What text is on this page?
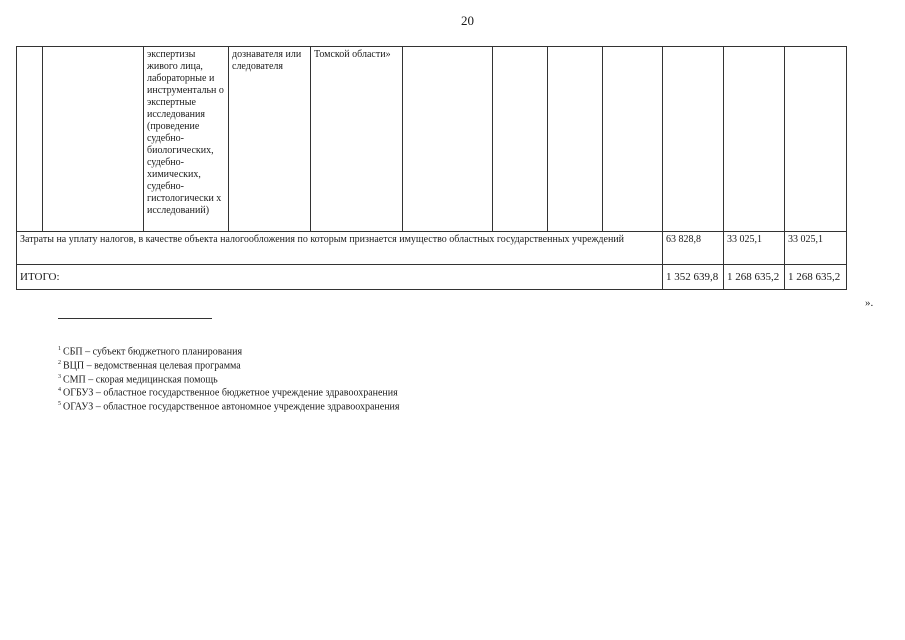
20
		экспертизы живого лица, лабораторные и инструментальн о экспертные исследования (проведение судебно-биологических, судебно-химических, судебно-гистологически х исследований)	дознавателя или следователя	Томской области»							
Затраты на уплату налогов, в качестве объекта налогообложения по которым признается имущество областных государственных учреждений									63 828,8	33 025,1	33 025,1
ИТОГО:									1 352 639,8	1 268 635,2	1 268 635,2
».
$^1$ СБП – субъект бюджетного планирования
$^2$ ВЦП – ведомственная целевая программа
$^3$ СМП – скорая медицинская помощь
$^4$ ОГБУЗ – областное государственное бюджетное учреждение здравоохранения
$^5$ ОГАУЗ – областное государственное автономное учреждение здравоохранения
